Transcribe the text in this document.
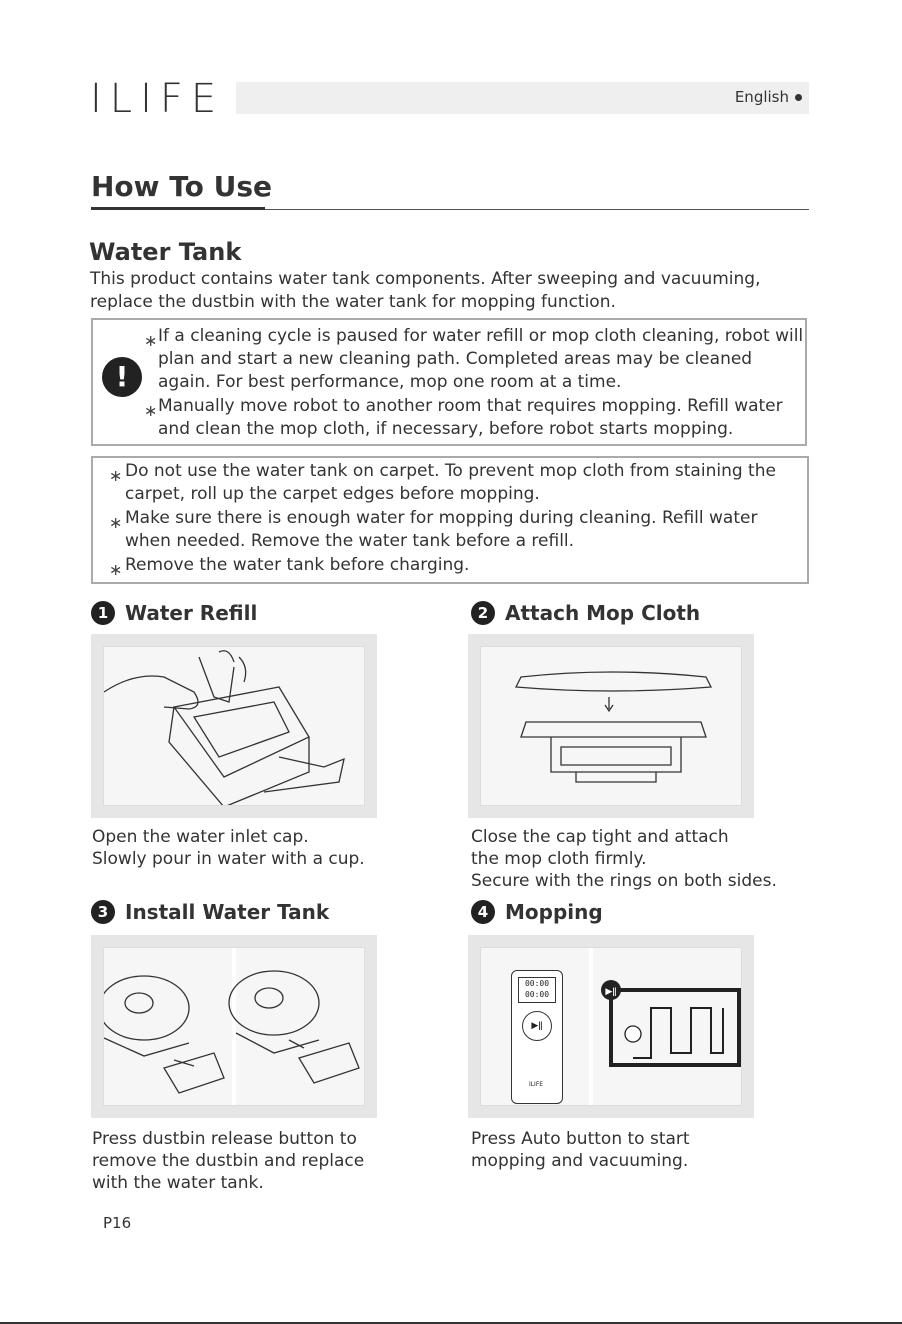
ILIFE	English
How To Use
Water Tank
This product contains water tank components. After sweeping and vacuuming, replace the dustbin with the water tank for mopping function.
!
∗ If a cleaning cycle is paused for water refill or mop cloth cleaning, robot will plan and start a new cleaning path. Completed areas may be cleaned again. For best performance, mop one room at a time.
∗ Manually move robot to another room that requires mopping. Refill water and clean the mop cloth, if necessary, before robot starts mopping.
∗ Do not use the water tank on carpet. To prevent mop cloth from staining the carpet, roll up the carpet edges before mopping.
∗ Make sure there is enough water for mopping during cleaning. Refill water when needed. Remove the water tank before a refill.
∗ Remove the water tank before charging.
1 Water Refill
Open the water inlet cap.
Slowly pour in water with a cup.
2 Attach Mop Cloth
Close the cap tight and attach
the mop cloth firmly.
Secure with the rings on both sides.
3 Install Water Tank
Press dustbin release button to
remove the dustbin and replace
with the water tank.
4 Mopping
00:00
00:00
▶ǁ
ILIFE
▶ǁ
Press Auto button to start
mopping and vacuuming.
P16
